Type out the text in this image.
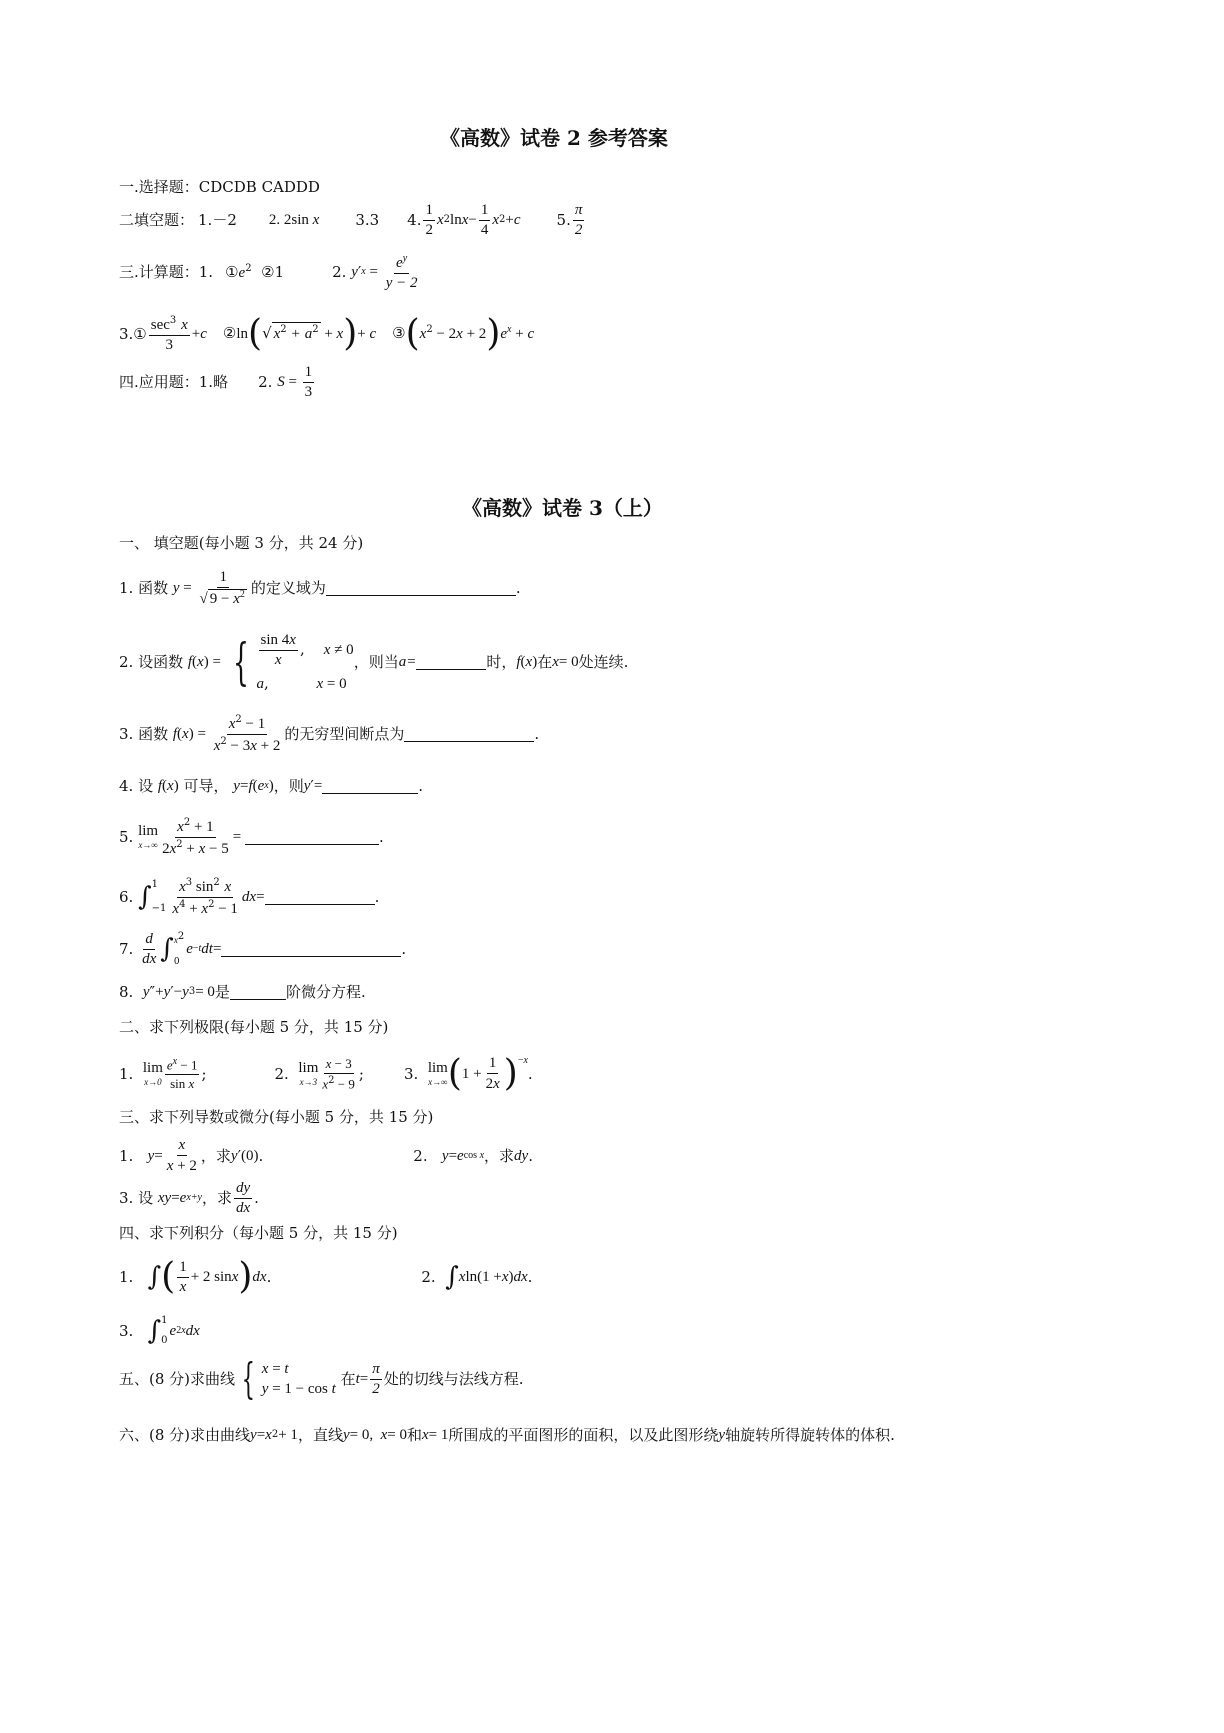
《高数》试卷 2 参考答案
一.选择题：CDCDB CADDD
二填空题： 1.－2 2. 2sin x 3.3 4. $\frac{1}{2}$ x 2 $\ln x - \frac{1}{4}$ x 2 + c 5. $\frac{\pi}{2}$
三.计算题：1. $①e^2$  ②1	2.
y ′ $x = \frac{e^y}{y - 2}$
3.① $\frac{\sec^3 x}{3} + c$ ②ln(√ $x^2 + a^2 + x)+ c$ $③(x^2 - 2x + 2)e^x + c$
四.应用题：1.略 2.
$S = \frac{1}{3}$
《高数》试卷 3（上）
一、 填空题(每小题 3 分，共 24 分)
1. 函数
$y = \frac{1}{√ 9 - x^2}$ 的定义域为	.
2. 设函数
f ( x ) = { $\frac{\sin 4x}{x}$ ,    x ≠ 0
a,          x = 0
，则当 a=	时， f ( x ) 在 x = 0 处连续.
3. 函数
f ( x ) = $\frac{x^2 - 1}{x^2 - 3x + 2}$ 的无穷型间断点为	.
4. 设
f ( x )
可导，
y = f ( e x ) ，则 y ′ =	.
5.
lim
$x\to\infty \frac{x^2 + 1}{2x^2 + x - 5}$ =	.
6.
∫ 1
$-1 \frac{x^3 \sin^2 x}{x^4 + x^2 - 1}$ dx =	.
7.
$\frac{d}{dx}$ ∫ $x^2$
0
e −t dt =	.
8.
y ″ + y ′ − y 3 = 0 是	阶微分方程.
二、求下列极限(每小题 5 分，共 15 分)
1. lim
$x\to 0 \frac{e^x - 1}{\text{sin x}}$ ;	2. lim
$x\to 3 \frac{x - 3}{x^2 - 9}$ ;	3. lim
x→∞ ( $1 + \frac{1}{2x}$ ) $^{-x}$
.
三、求下列导数或微分(每小题 5 分，共 15 分)
1.
$y = \frac{x}{x + 2}$ ，求 y ′ (0) .	2.
y = e cos x ，求 dy .
3. 设
xy = e x+y ，求 $\frac{dy}{dx}$ .
四、求下列积分（每小题 5 分，共 15 分)
1. ∫ ( $\frac{1}{x} + 2$ sin x ) dx .	2. ∫ x ln(1 + x ) dx .
3. ∫ 1
0
e 2x dx
五、(8 分)求曲线 { x = t
y = 1 − cos t

在 $t = \frac{\pi}{2}$ 处的切线与法线方程.
六、(8 分)求由曲线 y = x 2 + 1 ，直线 y = 0, x = 0 和 x = 1 所围成的平面图形的面积，以及此图形绕 y 轴旋转所得旋转体的体积.
